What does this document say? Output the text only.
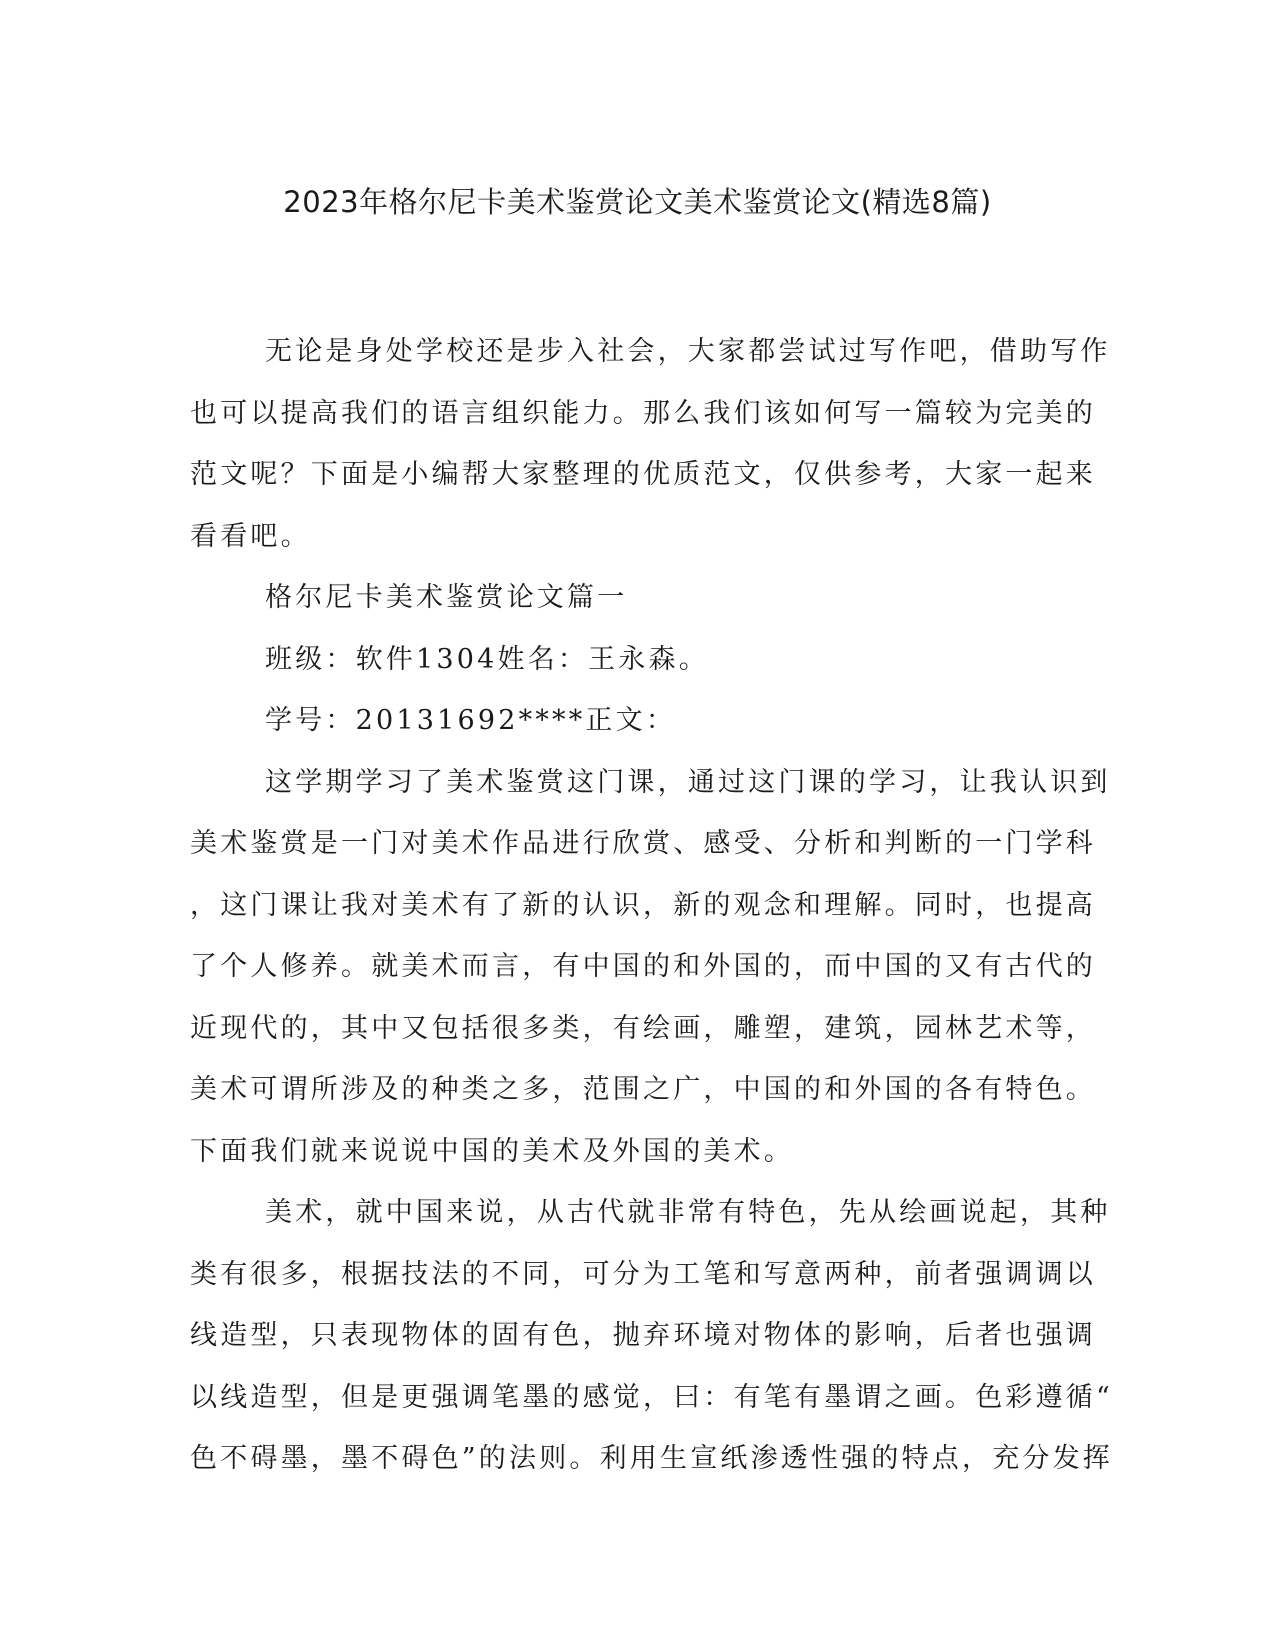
2023年格尔尼卡美术鉴赏论文美术鉴赏论文(精选8篇)
无论是身处学校还是步入社会，大家都尝试过写作吧，借助写作
也可以提高我们的语言组织能力。那么我们该如何写一篇较为完美的
范文呢？下面是小编帮大家整理的优质范文，仅供参考，大家一起来
看看吧。
格尔尼卡美术鉴赏论文篇一
班级：软件1304姓名：王永森。
学号：20131692****正文：
这学期学习了美术鉴赏这门课，通过这门课的学习，让我认识到
美术鉴赏是一门对美术作品进行欣赏、感受、分析和判断的一门学科
，这门课让我对美术有了新的认识，新的观念和理解。同时，也提高
了个人修养。就美术而言，有中国的和外国的，而中国的又有古代的
近现代的，其中又包括很多类，有绘画，雕塑，建筑，园林艺术等，
美术可谓所涉及的种类之多，范围之广，中国的和外国的各有特色。
下面我们就来说说中国的美术及外国的美术。
美术，就中国来说，从古代就非常有特色，先从绘画说起，其种
类有很多，根据技法的不同，可分为工笔和写意两种，前者强调调以
线造型，只表现物体的固有色，抛弃环境对物体的影响，后者也强调
以线造型，但是更强调笔墨的感觉，曰：有笔有墨谓之画。色彩遵循“
色不碍墨，墨不碍色”的法则。利用生宣纸渗透性强的特点，充分发挥
